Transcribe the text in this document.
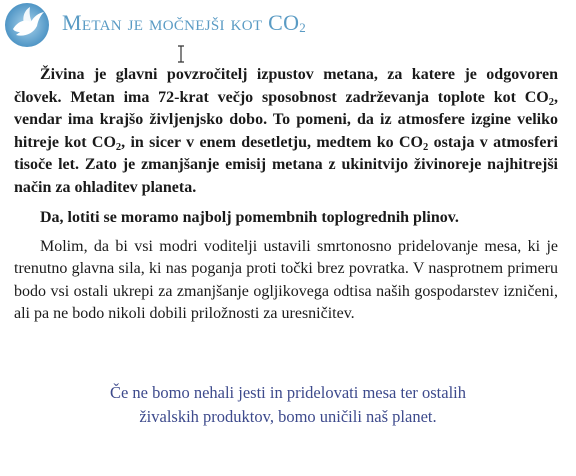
Metan je močnejši kot $CO_2$

Živina je glavni povzročitelj izpustov metana, za katere je odgovoren človek. Metan ima 72-krat večjo sposobnost zadrževanja toplote kot $CO_2$, vendar ima krajšo življenjsko dobo. To pomeni, da iz atmosfere izgine veliko hitreje kot $CO_2$, in sicer v enem desetletju, medtem ko $CO_2$ ostaja v atmosferi tisoče let. Zato je zmanjšanje emisij metana z ukinitvijo živinoreje najhitrejši način za ohladitev planeta.

Da, lotiti se moramo najbolj pomembnih toplogrednih plinov.

Molim, da bi vsi modri voditelji ustavili smrtonosno pridelovanje mesa, ki je trenutno glavna sila, ki nas poganja proti točki brez povratka. V nasprotnem primeru bodo vsi ostali ukrepi za zmanjšanje ogljikovega odtisa naših gospodarstev izničeni, ali pa ne bodo nikoli dobili priložnosti za uresničitev.

Če ne bomo nehali jesti in pridelovati mesa ter ostalih
živalskih produktov, bomo uničili naš planet.
